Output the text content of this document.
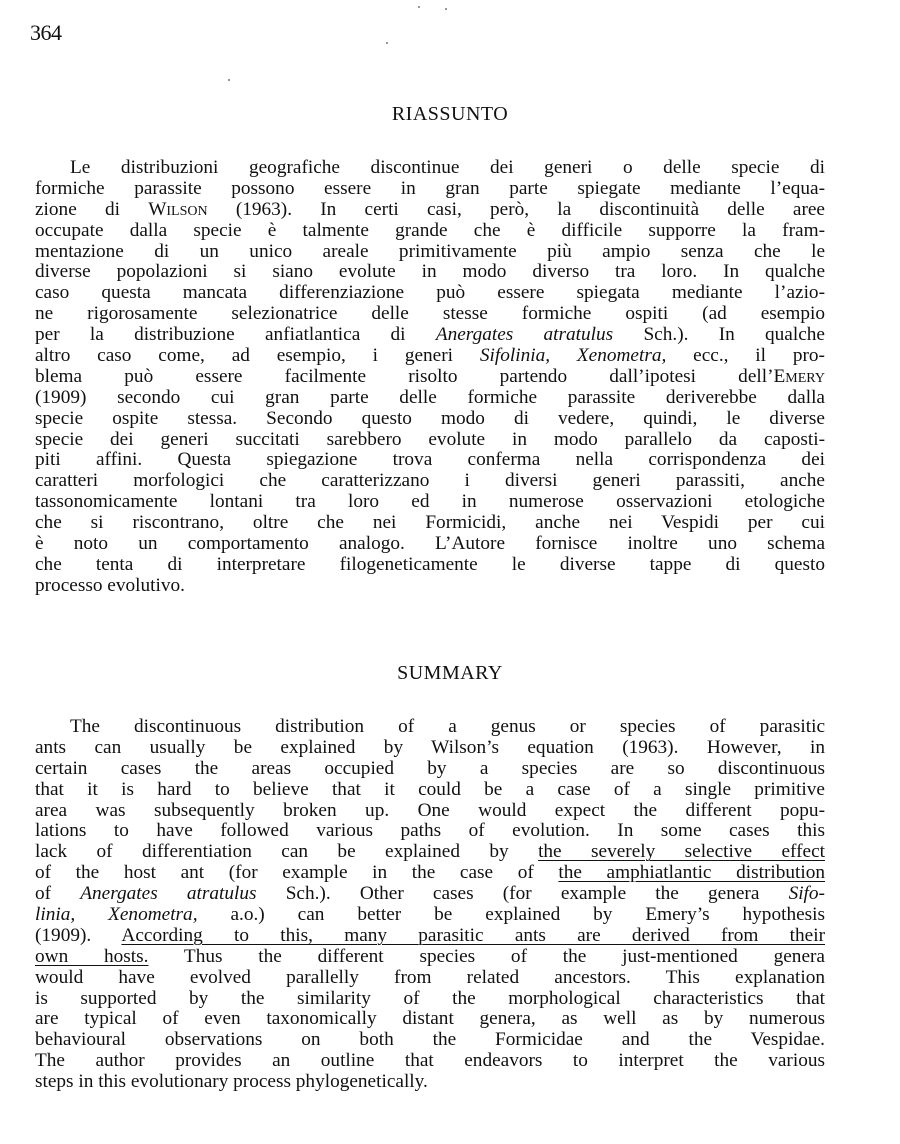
364
RIASSUNTO
Le distribuzioni geografiche discontinue dei generi o delle specie di
formiche parassite possono essere in gran parte spiegate mediante l’equa-
zione di Wilson (1963). In certi casi, però, la discontinuità delle aree
occupate dalla specie è talmente grande che è difficile supporre la fram-
mentazione di un unico areale primitivamente più ampio senza che le
diverse popolazioni si siano evolute in modo diverso tra loro. In qualche
caso questa mancata differenziazione può essere spiegata mediante l’azio-
ne rigorosamente selezionatrice delle stesse formiche ospiti (ad esempio
per la distribuzione anfiatlantica di Anergates atratulus Sch.). In qualche
altro caso come, ad esempio, i generi Sifolinia, Xenometra, ecc., il pro-
blema può essere facilmente risolto partendo dall’ipotesi dell’Emery
(1909) secondo cui gran parte delle formiche parassite deriverebbe dalla
specie ospite stessa. Secondo questo modo di vedere, quindi, le diverse
specie dei generi succitati sarebbero evolute in modo parallelo da caposti-
piti affini. Questa spiegazione trova conferma nella corrispondenza dei
caratteri morfologici che caratterizzano i diversi generi parassiti, anche
tassonomicamente lontani tra loro ed in numerose osservazioni etologiche
che si riscontrano, oltre che nei Formicidi, anche nei Vespidi per cui
è noto un comportamento analogo. L’Autore fornisce inoltre uno schema
che tenta di interpretare filogeneticamente le diverse tappe di questo
processo evolutivo.
SUMMARY
The discontinuous distribution of a genus or species of parasitic
ants can usually be explained by Wilson’s equation (1963). However, in
certain cases the areas occupied by a species are so discontinuous
that it is hard to believe that it could be a case of a single primitive
area was subsequently broken up. One would expect the different popu-
lations to have followed various paths of evolution. In some cases this
lack of differentiation can be explained by the severely selective effect
of the host ant (for example in the case of the amphiatlantic distribution
of Anergates atratulus Sch.). Other cases (for example the genera Sifo-
linia, Xenometra, a.o.) can better be explained by Emery’s hypothesis
(1909). According to this, many parasitic ants are derived from their
own hosts. Thus the different species of the just-mentioned genera
would have evolved parallelly from related ancestors. This explanation
is supported by the similarity of the morphological characteristics that
are typical of even taxonomically distant genera, as well as by numerous
behavioural observations on both the Formicidae and the Vespidae.
The author provides an outline that endeavors to interpret the various
steps in this evolutionary process phylogenetically.
